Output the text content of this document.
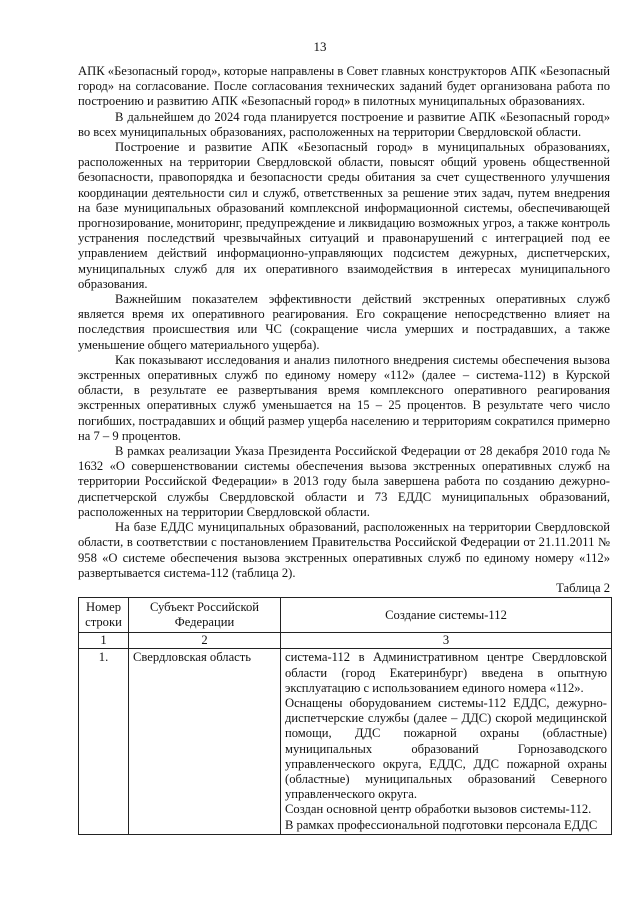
13

АПК «Безопасный город», которые направлены в Совет главных конструкторов АПК «Безопасный город» на согласование. После согласования технических заданий будет организована работа по построению и развитию АПК «Безопасный город» в пилотных муниципальных образованиях.

В дальнейшем до 2024 года планируется построение и развитие АПК «Безопасный город» во всех муниципальных образованиях, расположенных на территории Свердловской области.

Построение и развитие АПК «Безопасный город» в муниципальных образованиях, расположенных на территории Свердловской области, повысят общий уровень общественной безопасности, правопорядка и безопасности среды обитания за счет существенного улучшения координации деятельности сил и служб, ответственных за решение этих задач, путем внедрения на базе муниципальных образований комплексной информационной системы, обеспечивающей прогнозирование, мониторинг, предупреждение и ликвидацию возможных угроз, а также контроль устранения последствий чрезвычайных ситуаций и правонарушений с интеграцией под ее управлением действий информационно-управляющих подсистем дежурных, диспетчерских, муниципальных служб для их оперативного взаимодействия в интересах муниципального образования.

Важнейшим показателем эффективности действий экстренных оперативных служб является время их оперативного реагирования. Его сокращение непосредственно влияет на последствия происшествия или ЧС (сокращение числа умерших и пострадавших, а также уменьшение общего материального ущерба).

Как показывают исследования и анализ пилотного внедрения системы обеспечения вызова экстренных оперативных служб по единому номеру «112» (далее – система-112) в Курской области, в результате ее развертывания время комплексного оперативного реагирования экстренных оперативных служб уменьшается на 15 – 25 процентов. В результате чего число погибших, пострадавших и общий размер ущерба населению и территориям сократился примерно на 7 – 9 процентов.

В рамках реализации Указа Президента Российской Федерации от 28 декабря 2010 года № 1632 «О совершенствовании системы обеспечения вызова экстренных оперативных служб на территории Российской Федерации» в 2013 году была завершена работа по созданию дежурно-диспетчерской службы Свердловской области и 73 ЕДДС муниципальных образований, расположенных на территории Свердловской области.

На базе ЕДДС муниципальных образований, расположенных на территории Свердловской области, в соответствии с постановлением Правительства Российской Федерации от 21.11.2011 № 958 «О системе обеспечения вызова экстренных оперативных служб по единому номеру «112» развертывается система-112 (таблица 2).

Таблица 2
Номер строки	Субъект Российской Федерации	Создание системы-112
1	2	3
1.	Свердловская область	система-112 в Административном центре Свердловской области (город Екатеринбург) введена в опытную эксплуатацию с использованием единого номера «112».
Оснащены оборудованием системы-112 ЕДДС, дежурно-диспетчерские службы (далее – ДДС) скорой медицинской помощи, ДДС пожарной охраны (областные) муниципальных образований Горнозаводского управленческого округа, ЕДДС, ДДС пожарной охраны (областные) муниципальных образований Северного управленческого округа.
Создан основной центр обработки вызовов системы-112.
В рамках профессиональной подготовки персонала ЕДДС
